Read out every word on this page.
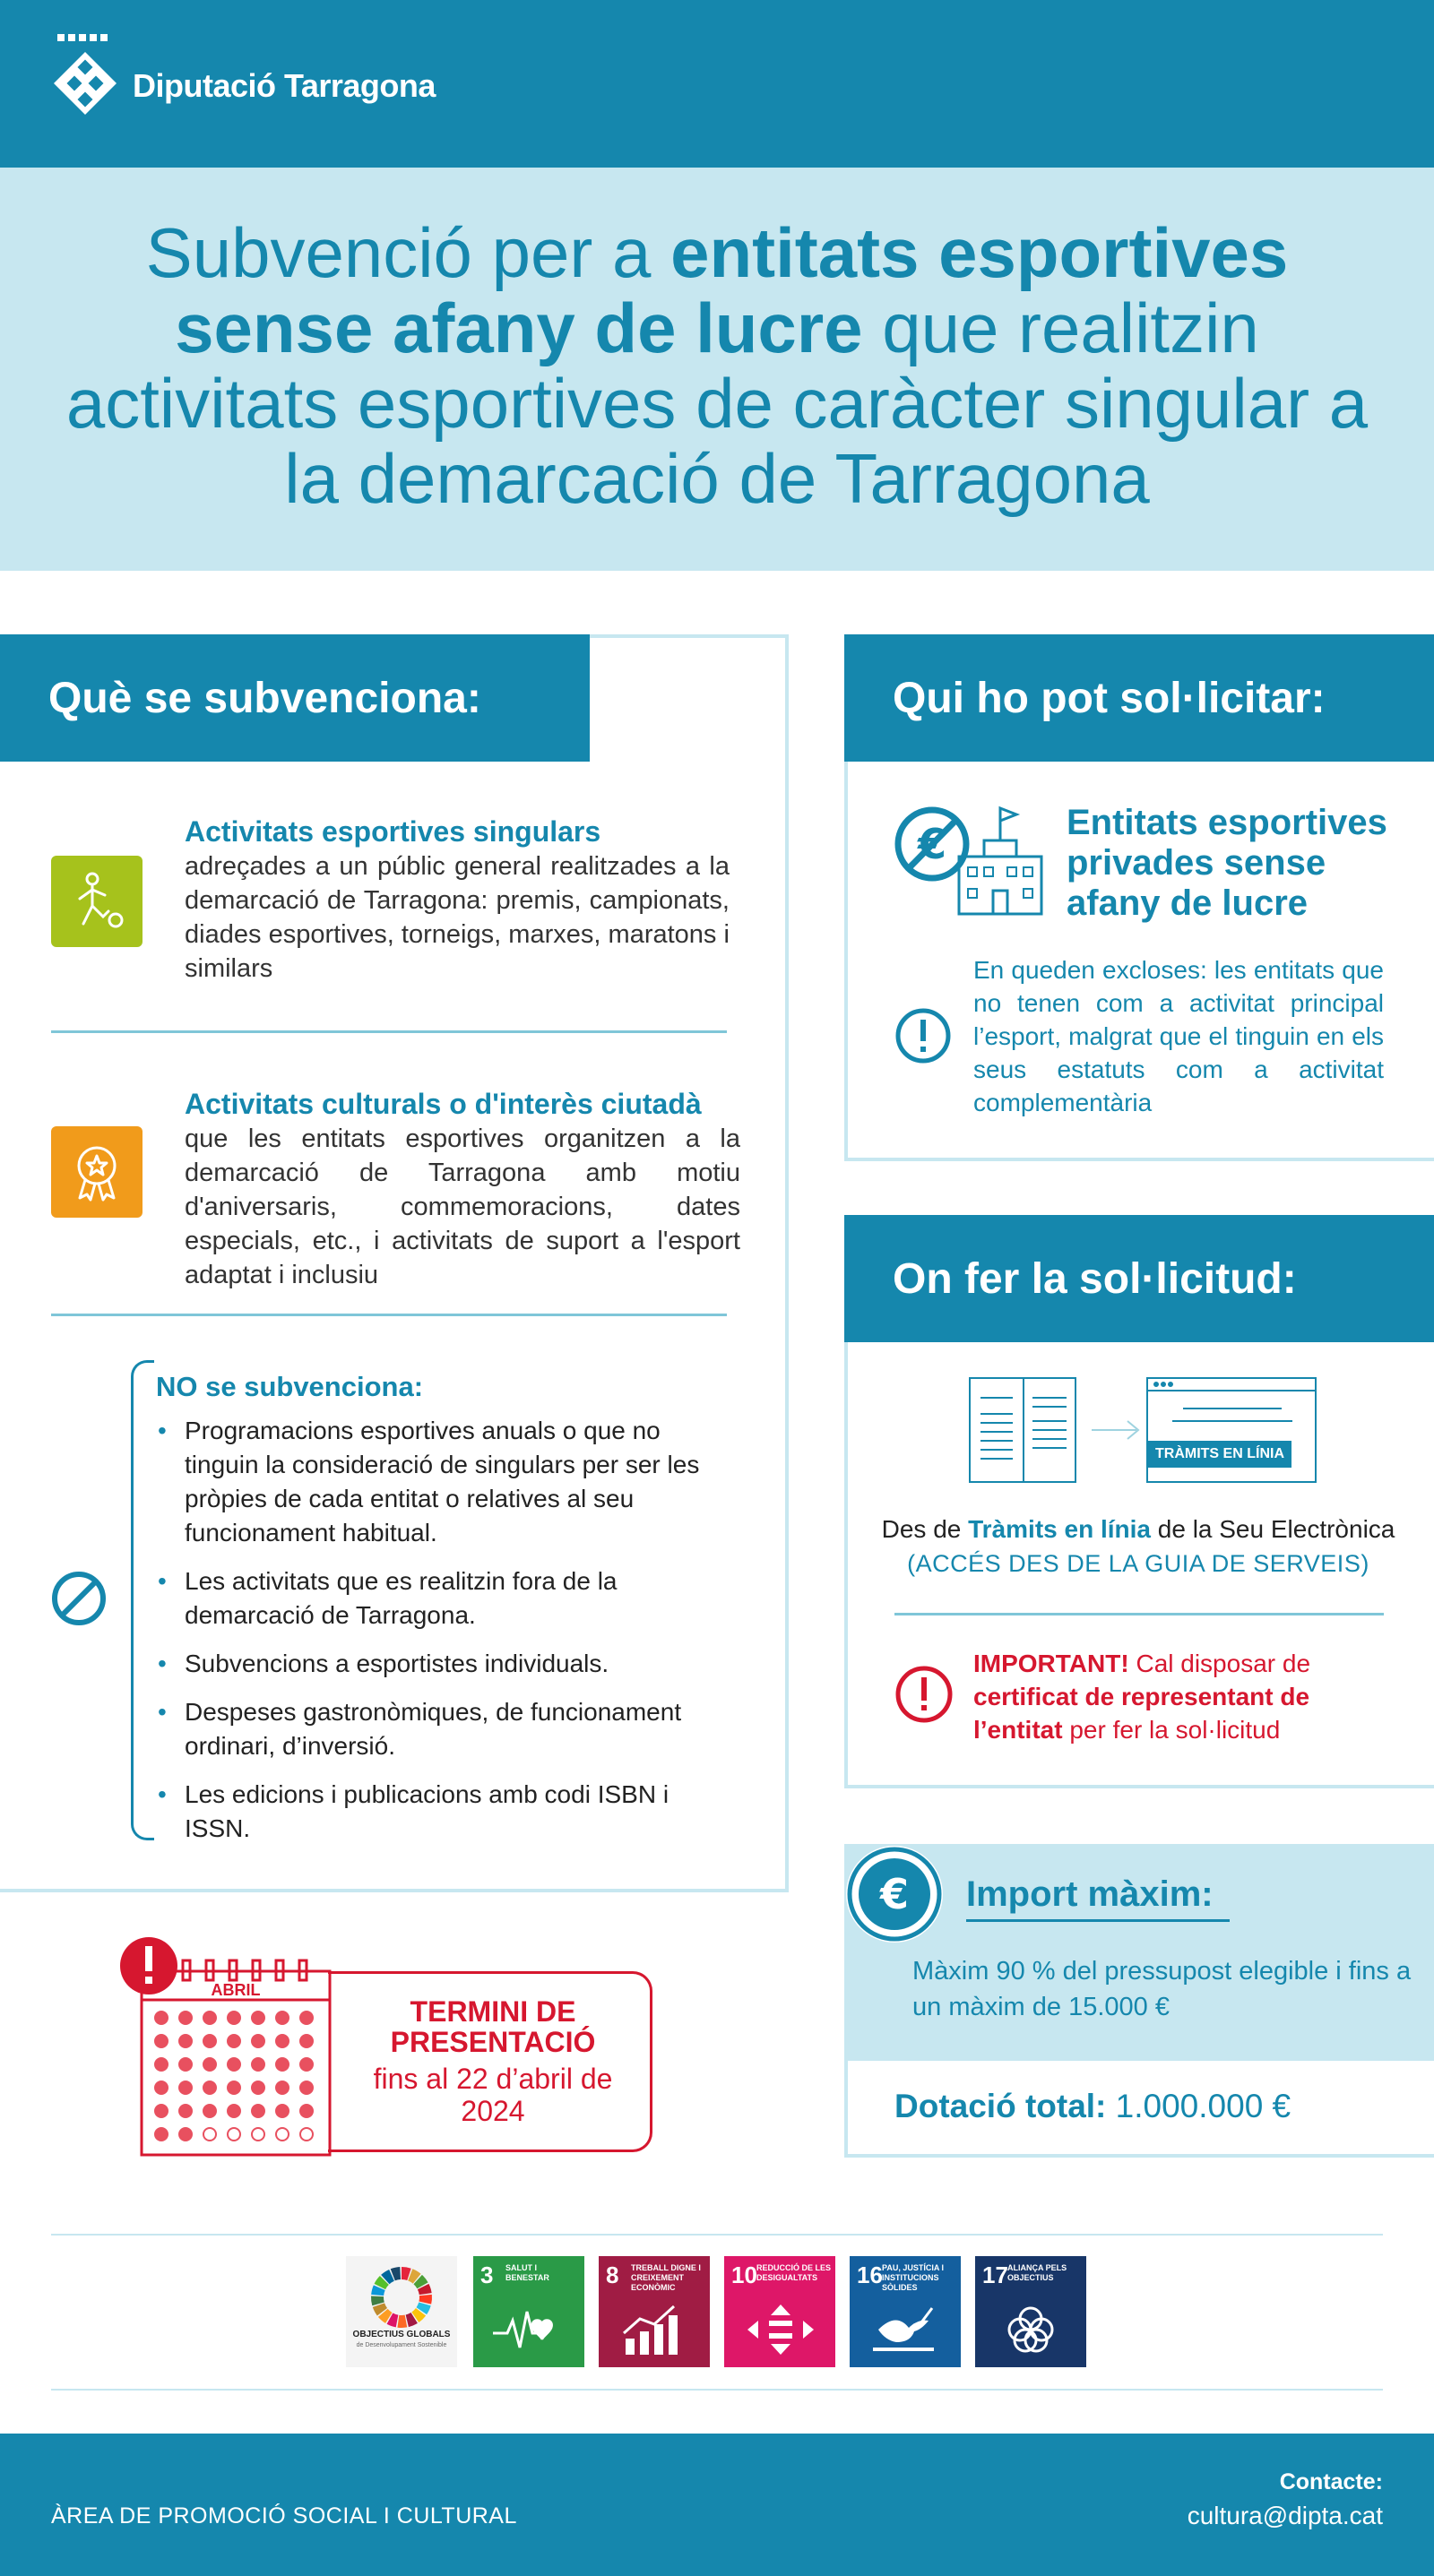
Diputació Tarragona
Subvenció per a entitats esportives sense afany de lucre que realitzin activitats esportives de caràcter singular a la demarcació de Tarragona
Què se subvenciona:
Activitats esportives singulars
adreçades a un públic general realitzades a la demarcació de Tarragona: premis, campionats, diades esportives, torneigs, marxes, maratons i similars
Activitats culturals o d'interès ciutadà
que les entitats esportives organitzen a la demarcació de Tarragona amb motiu d'aniversaris, commemoracions, dates especials, etc., i activitats de suport a l'esport adaptat i inclusiu
NO se subvenciona:
• Programacions esportives anuals o que no tinguin la consideració de singulars per ser les pròpies de cada entitat o relatives al seu funcionament habitual.
• Les activitats que es realitzin fora de la demarcació de Tarragona.
• Subvencions a esportistes individuals.
• Despeses gastronòmiques, de funcionament ordinari, d’inversió.
• Les edicions i publicacions amb codi ISBN i ISSN.
Qui ho pot sol·licitar:
€	Entitats esportives privades sense afany de lucre
En queden excloses: les entitats que no tenen com a activitat principal l’esport, malgrat que el tinguin en els seus estatuts com a activitat complementària
On fer la sol·licitud:
TRÀMITS EN LÍNIA
Des de Tràmits en línia de la Seu Electrònica
(ACCÉS DES DE LA GUIA DE SERVEIS)
IMPORTANT! Cal disposar de certificat de representant de l’entitat per fer la sol·licitud
€ Import màxim:
Màxim 90 % del pressupost elegible i fins a un màxim de 15.000 €
Dotació total: 1.000.000 €
ABRIL
TERMINI DE PRESENTACIÓ
fins al 22 d’abril de 2024
OBJECTIUS GLOBALS
de Desenvolupament Sostenible
3 SALUT I BENESTAR	8 TREBALL DIGNE I CREIXEMENT ECONÒMIC	10 REDUCCIÓ DE LES DESIGUALTATS	16 PAU, JUSTÍCIA I INSTITUCIONS SÒLIDES	17 ALIANÇA PELS OBJECTIUS
ÀREA DE PROMOCIÓ SOCIAL I CULTURAL
Contacte:
cultura@dipta.cat
